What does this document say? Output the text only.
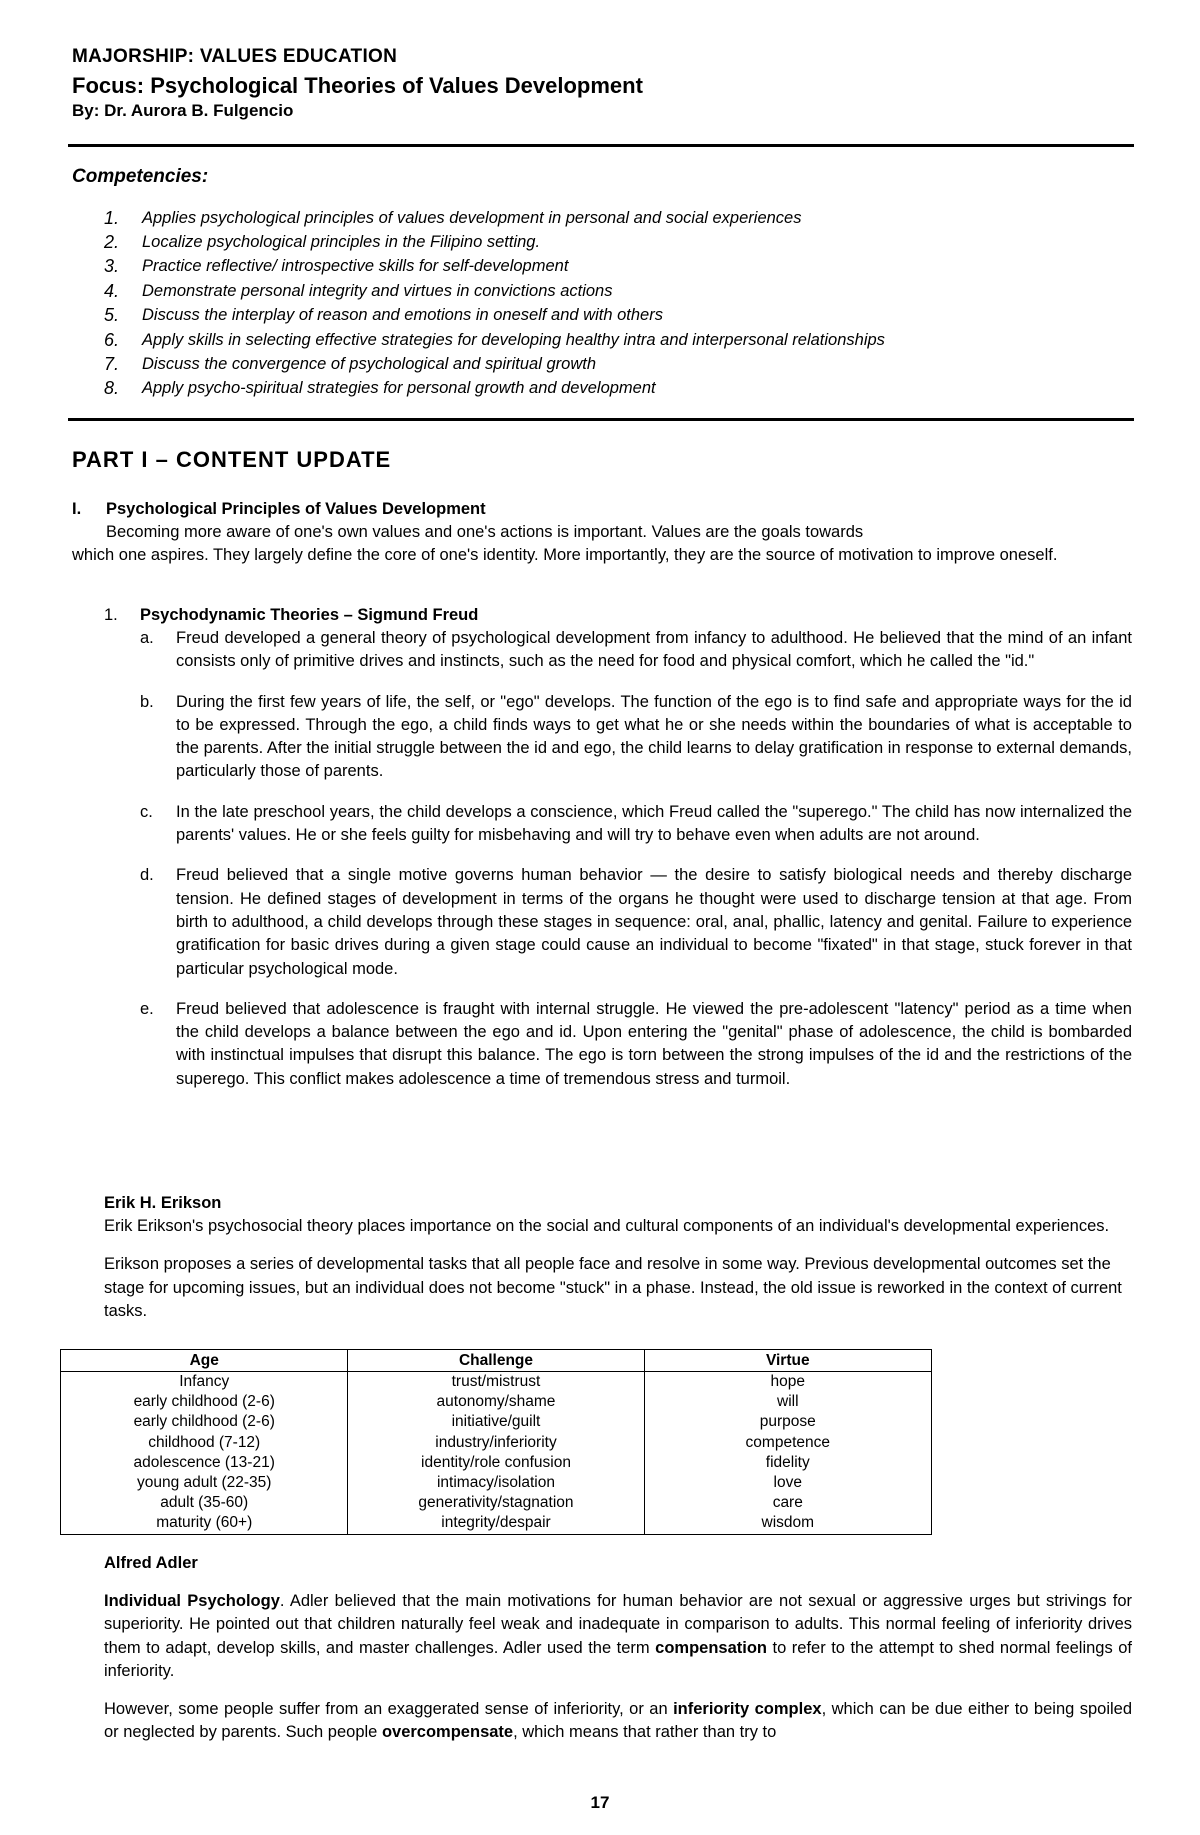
MAJORSHIP: VALUES EDUCATION
Focus: Psychological Theories of Values Development
By: Dr. Aurora B. Fulgencio
Competencies:
1.	Applies psychological principles of values development in personal and social experiences
2.	Localize psychological principles in the Filipino setting.
3.	Practice reflective/ introspective skills for self-development
4.	Demonstrate personal integrity and virtues in convictions actions
5.	Discuss the interplay of reason and emotions in oneself and with others
6.	Apply skills in selecting effective strategies for developing healthy intra and interpersonal relationships
7.	Discuss the convergence of psychological and spiritual growth
8.	Apply psycho-spiritual strategies for personal growth and development
PART I – CONTENT UPDATE
I.	Psychological Principles of Values Development
Becoming more aware of one's own values and one's actions is important. Values are the goals towards
which one aspires. They largely define the core of one's identity. More importantly, they are the source of motivation to improve oneself.
1.	Psychodynamic Theories – Sigmund Freud
a.	Freud developed a general theory of psychological development from infancy to adulthood. He believed that the mind of an infant consists only of primitive drives and instincts, such as the need for food and physical comfort, which he called the "id."
b.	During the first few years of life, the self, or "ego" develops. The function of the ego is to find safe and appropriate ways for the id to be expressed. Through the ego, a child finds ways to get what he or she needs within the boundaries of what is acceptable to the parents. After the initial struggle between the id and ego, the child learns to delay gratification in response to external demands, particularly those of parents.
c.	In the late preschool years, the child develops a conscience, which Freud called the "superego." The child has now internalized the parents' values. He or she feels guilty for misbehaving and will try to behave even when adults are not around.
d.	Freud believed that a single motive governs human behavior — the desire to satisfy biological needs and thereby discharge tension. He defined stages of development in terms of the organs he thought were used to discharge tension at that age. From birth to adulthood, a child develops through these stages in sequence: oral, anal, phallic, latency and genital. Failure to experience gratification for basic drives during a given stage could cause an individual to become "fixated" in that stage, stuck forever in that particular psychological mode.
e.	Freud believed that adolescence is fraught with internal struggle. He viewed the pre-adolescent "latency" period as a time when the child develops a balance between the ego and id. Upon entering the "genital" phase of adolescence, the child is bombarded with instinctual impulses that disrupt this balance. The ego is torn between the strong impulses of the id and the restrictions of the superego. This conflict makes adolescence a time of tremendous stress and turmoil.
Erik H. Erikson

Erik Erikson's psychosocial theory places importance on the social and cultural components of an individual's developmental experiences.

Erikson proposes a series of developmental tasks that all people face and resolve in some way. Previous developmental outcomes set the stage for upcoming issues, but an individual does not become "stuck" in a phase. Instead, the old issue is reworked in the context of current tasks.

Age	Challenge	Virtue
Infancy	trust/mistrust	hope
early childhood (2-6)	autonomy/shame	will
early childhood (2-6)	initiative/guilt	purpose
childhood (7-12)	industry/inferiority	competence
adolescence (13-21)	identity/role confusion	fidelity
young adult (22-35)	intimacy/isolation	love
adult (35-60)	generativity/stagnation	care
maturity (60+)	integrity/despair	wisdom
Alfred Adler

Individual Psychology. Adler believed that the main motivations for human behavior are not sexual or aggressive urges but strivings for superiority. He pointed out that children naturally feel weak and inadequate in comparison to adults. This normal feeling of inferiority drives them to adapt, develop skills, and master challenges. Adler used the term compensation to refer to the attempt to shed normal feelings of inferiority.

However, some people suffer from an exaggerated sense of inferiority, or an inferiority complex, which can be due either to being spoiled or neglected by parents. Such people overcompensate, which means that rather than try to

17
